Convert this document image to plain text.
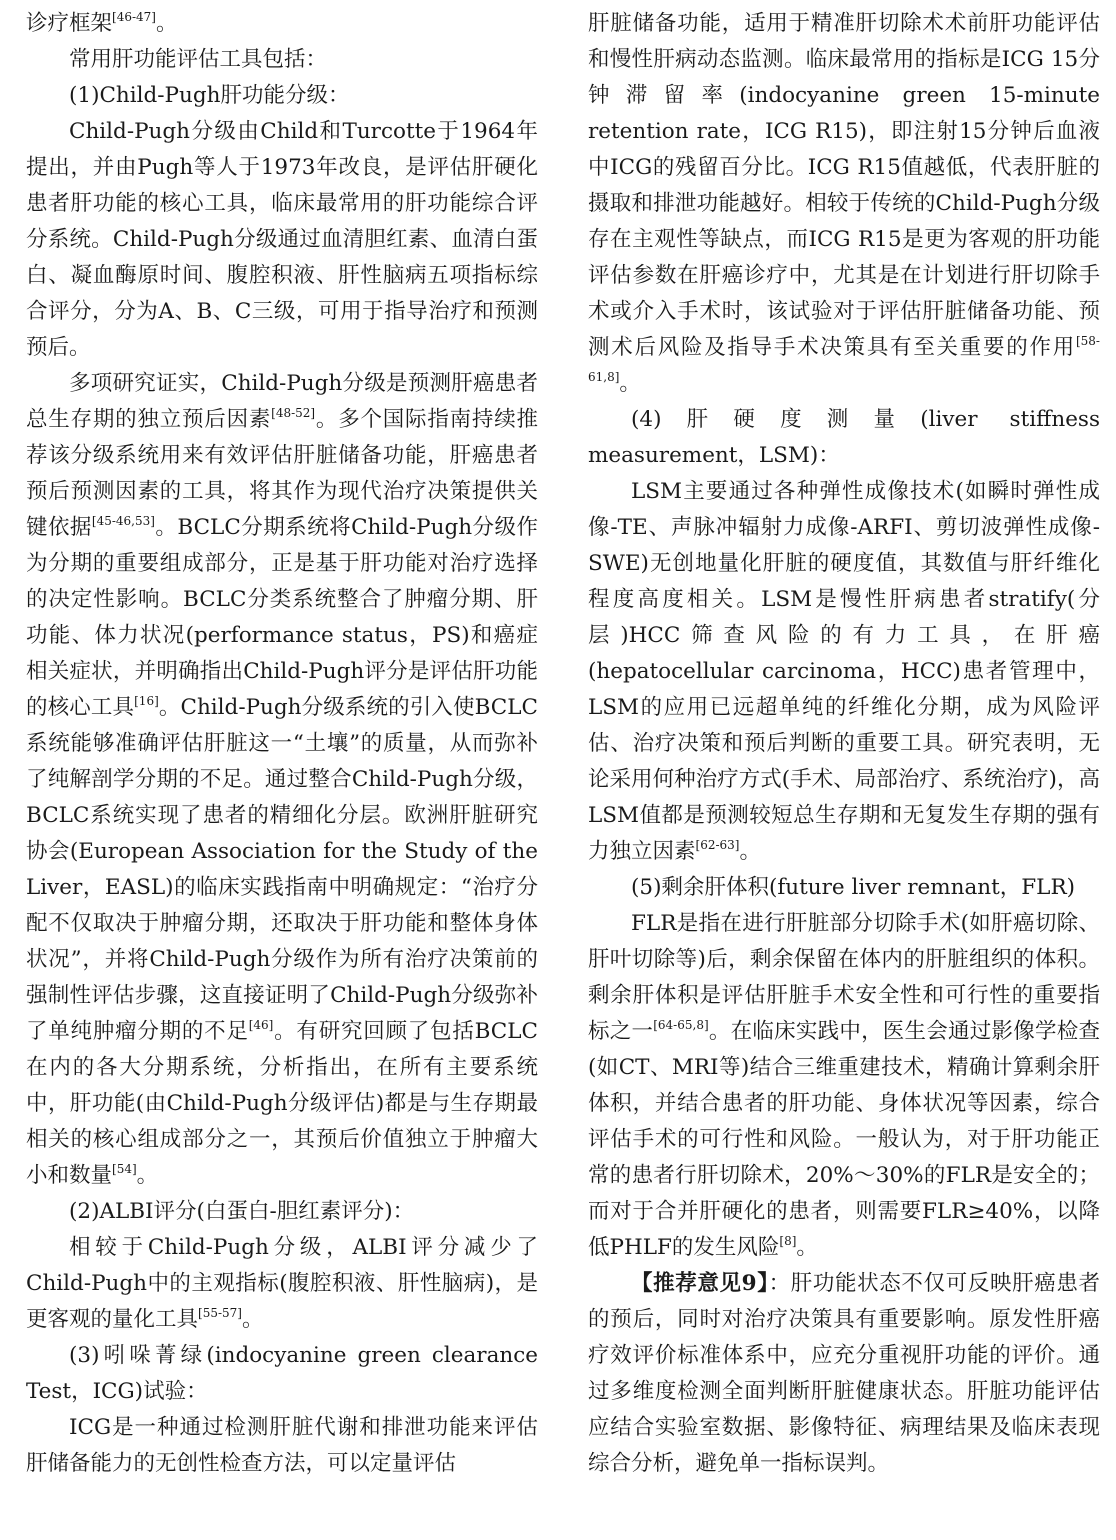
诊疗框架[46-47]。

常用肝功能评估工具包括：

(1)Child-Pugh肝功能分级：

Child-Pugh分级由Child和Turcotte于1964年提出，并由Pugh等人于1973年改良，是评估肝硬化患者肝功能的核心工具，临床最常用的肝功能综合评分系统。Child-Pugh分级通过血清胆红素、血清白蛋白、凝血酶原时间、腹腔积液、肝性脑病五项指标综合评分，分为A、B、C三级，可用于指导治疗和预测预后。

多项研究证实，Child-Pugh分级是预测肝癌患者总生存期的独立预后因素[48-52]。多个国际指南持续推荐该分级系统用来有效评估肝脏储备功能，肝癌患者预后预测因素的工具，将其作为现代治疗决策提供关键依据[45-46,53]。BCLC分期系统将Child-Pugh分级作为分期的重要组成部分，正是基于肝功能对治疗选择的决定性影响。BCLC分类系统整合了肿瘤分期、肝功能、体力状况(performance status，PS)和癌症相关症状，并明确指出Child-Pugh评分是评估肝功能的核心工具[16]。Child-Pugh分级系统的引入使BCLC系统能够准确评估肝脏这一“土壤”的质量，从而弥补了纯解剖学分期的不足。通过整合Child-Pugh分级，BCLC系统实现了患者的精细化分层。欧洲肝脏研究协会(European Association for the Study of the Liver，EASL)的临床实践指南中明确规定：“治疗分配不仅取决于肿瘤分期，还取决于肝功能和整体身体状况”，并将Child-Pugh分级作为所有治疗决策前的强制性评估步骤，这直接证明了Child-Pugh分级弥补了单纯肿瘤分期的不足[46]。有研究回顾了包括BCLC在内的各大分期系统，分析指出，在所有主要系统中，肝功能(由Child-Pugh分级评估)都是与生存期最相关的核心组成部分之一，其预后价值独立于肿瘤大小和数量[54]。

(2)ALBI评分(白蛋白-胆红素评分)：

相较于Child-Pugh分级，ALBI评分减少了Child-Pugh中的主观指标(腹腔积液、肝性脑病)，是更客观的量化工具[55-57]。

(3)吲哚菁绿(indocyanine green clearance Test，ICG)试验：

ICG是一种通过检测肝脏代谢和排泄功能来评估肝储备能力的无创性检查方法，可以定量评估

肝脏储备功能，适用于精准肝切除术术前肝功能评估和慢性肝病动态监测。临床最常用的指标是ICG 15分钟滞留率(indocyanine green 15-minute retention rate，ICG R15)，即注射15分钟后血液中ICG的残留百分比。ICG R15值越低，代表肝脏的摄取和排泄功能越好。相较于传统的Child-Pugh分级存在主观性等缺点，而ICG R15是更为客观的肝功能评估参数在肝癌诊疗中，尤其是在计划进行肝切除手术或介入手术时，该试验对于评估肝脏储备功能、预测术后风险及指导手术决策具有至关重要的作用[58-61,8]。

(4)肝硬度测量(liver stiffness measurement，LSM)：

LSM主要通过各种弹性成像技术(如瞬时弹性成像-TE、声脉冲辐射力成像-ARFI、剪切波弹性成像-SWE)无创地量化肝脏的硬度值，其数值与肝纤维化程度高度相关。LSM是慢性肝病患者stratify(分层)HCC筛查风险的有力工具，在肝癌(hepatocellular carcinoma，HCC)患者管理中，LSM的应用已远超单纯的纤维化分期，成为风险评估、治疗决策和预后判断的重要工具。研究表明，无论采用何种治疗方式(手术、局部治疗、系统治疗)，高LSM值都是预测较短总生存期和无复发生存期的强有力独立因素[62-63]。

(5)剩余肝体积(future liver remnant，FLR)

FLR是指在进行肝脏部分切除手术(如肝癌切除、肝叶切除等)后，剩余保留在体内的肝脏组织的体积。剩余肝体积是评估肝脏手术安全性和可行性的重要指标之一[64-65,8]。在临床实践中，医生会通过影像学检查(如CT、MRI等)结合三维重建技术，精确计算剩余肝体积，并结合患者的肝功能、身体状况等因素，综合评估手术的可行性和风险。一般认为，对于肝功能正常的患者行肝切除术，20%～30%的FLR是安全的；而对于合并肝硬化的患者，则需要FLR≥40%，以降低PHLF的发生风险[8]。

【推荐意见9】：肝功能状态不仅可反映肝癌患者的预后，同时对治疗决策具有重要影响。原发性肝癌疗效评价标准体系中，应充分重视肝功能的评价。通过多维度检测全面判断肝脏健康状态。肝脏功能评估应结合实验室数据、影像特征、病理结果及临床表现综合分析，避免单一指标误判。
